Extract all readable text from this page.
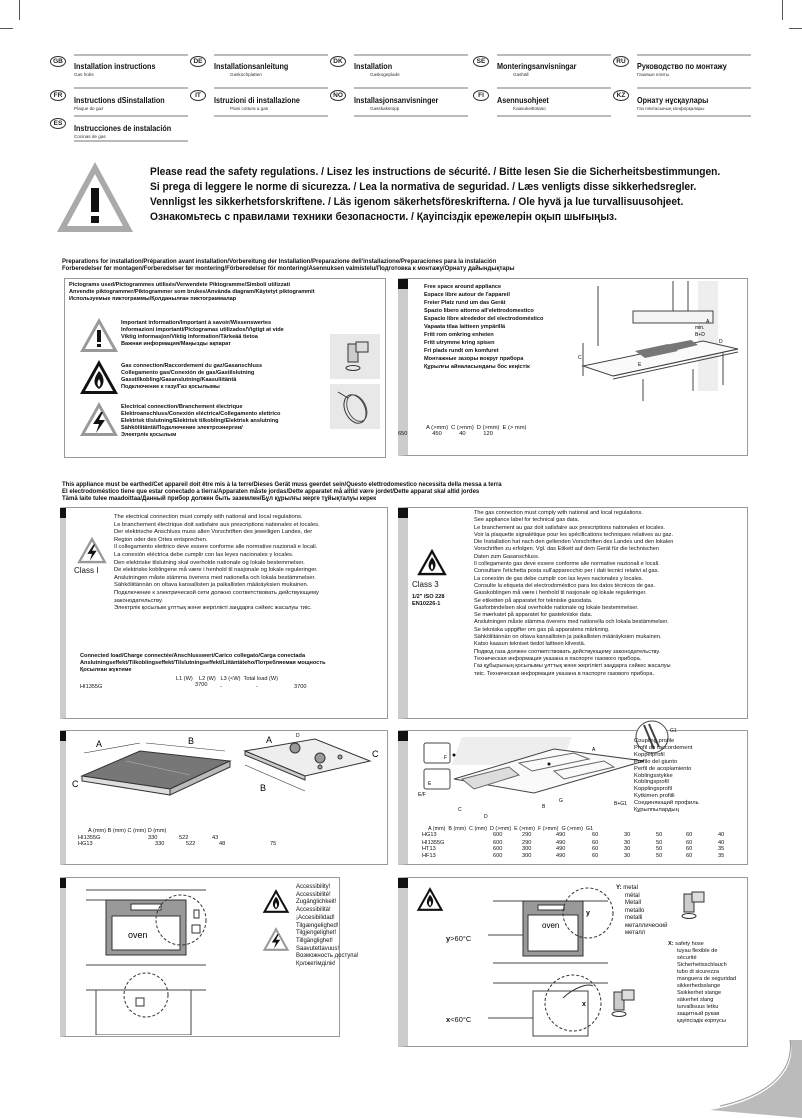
GB	Installation instructions
Gas hobs
DE	Installationsanleitung
Gaskochplatten
DK	Installation
Gaskogeplade
SE	Monteringsanvisningar
Gashäll
RU	Руководство по монтажу
Газовые плиты
FR	Instructions dSinstallation
Plaque de gaz
IT	Istruzioni di installazione
Piani cottura a gas
NO	Installasjonsanvisninger
Gasskaketopp
FI	Asennusohjeet
Kaasukeittotaso
KZ	Орнату нұсқаулары
Газ плитасының конфорқалары
ES	Instrucciones de instalación
Cocinas de gas
Please read the safety regulations. / Lisez les instructions de sécurité. / Bitte lesen Sie die Sicherheitsbestimmungen.
Si prega di leggere le norme di sicurezza. / Lea la normativa de seguridad. / Læs venligts disse sikkerhedsregler.
Vennligst les sikkerhetsforskriftene. / Läs igenom säkerhetsföreskrifterna. / Ole hyvä ja lue turvallisuusohjeet.
Ознакомьтесь с правилами техники безопасности. / Қауіпсіздік ережелерін оқып шығыңыз.
Preparations for installation/Préparation avant installation/Vorbereitung der Installation/Preparazione dell'installazione/Preparaciones para la instalación
Forberedelser før montagen/Forberedelser før montering/Förberedelser för montering/Asennuksen valmistelu/Подготовка к монтажу/Орнату дайындықтары
Pictograms used/Pictogrammes utilisés/Verwendete Piktogramme/Simboli utilizzati
Anvendte piktogrammer/Piktogrammer som brukes/Använda diagram/Käytetyt piktogrammit
Используемые пиктограммы/Қолданылған пиктограммалар
Important information/Important à savoir/Wissenswertes
Informazioni importanti/Pictogramas utilizados/Vigtigt at vide
Viktig informasjon/Viktig information/Tärkeää tietoa
Важная информация/Маңызды ақпарат
Gas connection/Raccordement du gaz/Gasanschluss
Collegamento gas/Conexión de gas/Gastilslutning
Gasstilkobling/Gasanslutning/Kaasuliitäntä
Подключение к газу/Газ қосылымы
Electrical connection/Branchement électrique
Elektroanschluss/Conexión eléctrica/Collegamento elettrico
Elektrisk tilslutning/Elektrisk tilkobling/Elektrisk anslutning
Sähköliitäntä/Подключение электроэнергии/
Электрлік қосылым
Free space around appliance
Espace libre autour de l'appareil
Freier Platz rund um das Gerät
Spazio libero attorno all'elettrodomestico
Espacio libre alrededor del electrodoméstico
Vapaata tilaa laitteen ympärillä
Fritt rom omkring enheten
Fritt utrymme kring spisen
Fri plads rundt om komfuret
Монтажные зазоры вокруг прибора
Құрылғы айналасындағы бос кеңістік
C
min.
B+D
A
D
E
A (>mm)	C (>mm)	D (>mm)	E (> mm)
450	40	120	
650
This appliance must be earthed/Cet appareil doit être mis à la terre/Dieses Gerät muss geerdet sein/Questo elettrodomestico necessita della messa a terra
El electrodoméstico tiene que estar conectado a tierra/Apparaten måste jordas/Dette apparatet må alltid være jordet/Dette apparat skal altid jordes
Tämä laite tulee maadoittaa/Данный прибор должен быть заземлен/Бұл құрылғы жерге тұйықталуы керек
Class I
The electrical connection must comply with national and local regulations.
Le branchement électrique doit satisfaire aux prescriptions nationales et locales.
Der elektrische Anschluss muss allen Vorschriften des jeweiligen Landes, der
Region oder des Ortes entsprechen.
Il collegamento elettrico deve essere conforme alle normative nazionali e locali.
La conexión eléctrica debe cumplir con las leyes nacionales y locales.
Den elektriske tilslutning skal overholde nationale og lokale bestemmelser.
De elektriske koblingene må være i henhold til nasjonale og lokale reguleringer.
Anslutningen måste stämma överens med nationella och lokala bestämmelser.
Sähköliitännän on oltava kansallisten ja paikallisten määräyksien mukainen.
Подключение к электрической сети должно соответствовать действующему
законодательству.
Электрлік қосылым ұлттық және жергілікті заңдарға сәйкес жасалуы тиіс.
Connected load/Charge connectée/Anschlusswert/Carico collegato/Carga conectada
Anslutningseffekt/Tilkoblingseffekt/Tilslutningseffekt/Liitäntäteho/Потребляемая мощность
Қосылған жүктеме
L1 (W) L2 (W) L3 (<W) Total load (W)
HI1355G	3700 -	-	3700
Class 3
1/2" ISO 228
EN10226-1
The gas connection must comply with national and local regulations.
See appliance label for technical gas data.
Le branchement au gaz doit satisfaire aux prescriptions nationales et locales.
Voir la plaquette signalétique pour les spécifications techniques relatives au gaz.
Die Installation hat nach den geltenden Vorschriften des Landes und den lokalen
Vorschriften zu erfolgen. Vgl. das Etikett auf dem Gerät für die technischen
Daten zum Gasanschluss.
Il collegamento gas deve essere conforme alle normative nazionali e locali.
Consultare l'etichetta posta sull'apparecchio per i dati tecnici relativi al gas.
La conexión de gas debe cumplir con las leyes nacionales y locales.
Consulte la etiqueta del electrodoméstico para los datos técnicos de gas.
Gasskoblingen må være i henhold til nasjonale og lokale reguleringer.
Se etiketten på apparatet for tekniske gassdata.
Gasforbindelsen skal overholde nationale og lokale bestemmelser.
Se mærkatet på apparatet for gastekniske data.
Anslutningen måste stämma överens med nationella och lokala bestämmelser.
Se tekniska uppgifter om gas på apparatens märkning.
Sähköliitännän on oltava kansallisten ja paikallisten määräyksien mukainen.
Katso kaasun tekniset tiedot laitteen kilvestä.
Подвод газа должен соответствовать действующему законодательству.
Техническая информация указана в паспорте газового прибора.
Газ құбырының қосылымы ұлттық және жергілікті заңдарға сәйкес жасалуы
тиіс. Техническая информация указана в паспорте газового прибора.
A	B
C	B
A
C
D
A (mm) B (mm) C (mm) D (mm)
HI1355G	330	522	43
HG13	330	522	48	75
E/F
C
D
B
G	B+G1
A
F
E
G1
Coupling profile
Profil de raccordement
Koppelprofil
Profilo del giunto
Perfil de acoplamiento
Koblingsstykke
Koblingsprofil
Kopplingsprofil
Kytkimen profiili
Соединяющий профиль
Құрылпылардың
A (mm)	B (mm)	C (mm)	D (>mm)	E (>mm)	F (>mm)	G (>mm)	G1
HG13	600	290	490	60	30	50	60	40
HI1355G	600	290	490	60	30	50	60	40
HT13	600	300	490	60	30	50	60	35
HF13	600	300	490	60	30	50	60	35
oven
Accessibility!
Accessibilité!
Zugänglichkeit!
Accessibilità!
¡Accesibilidad!
Tilgængelighed!
Tilgjengelighet!
Tillgänglighet!
Saavutettavuus!
Возможность доступа!
Қолжетімділік!
oven
y
x
y>60°C
x<60°C
Y: metal
métal
Metall
metallo
metalli
металлический
металл
X: safety hose
tuyau flexible de
sécurité
Sicherheitsschlauch
tubo di sicurezza
manguera de seguridad
sikkerhedsslange
Ssikkerhet slange
säkerhet slang
turvallisuus letku
защитный рукав
қауіпсіздік корпусы
